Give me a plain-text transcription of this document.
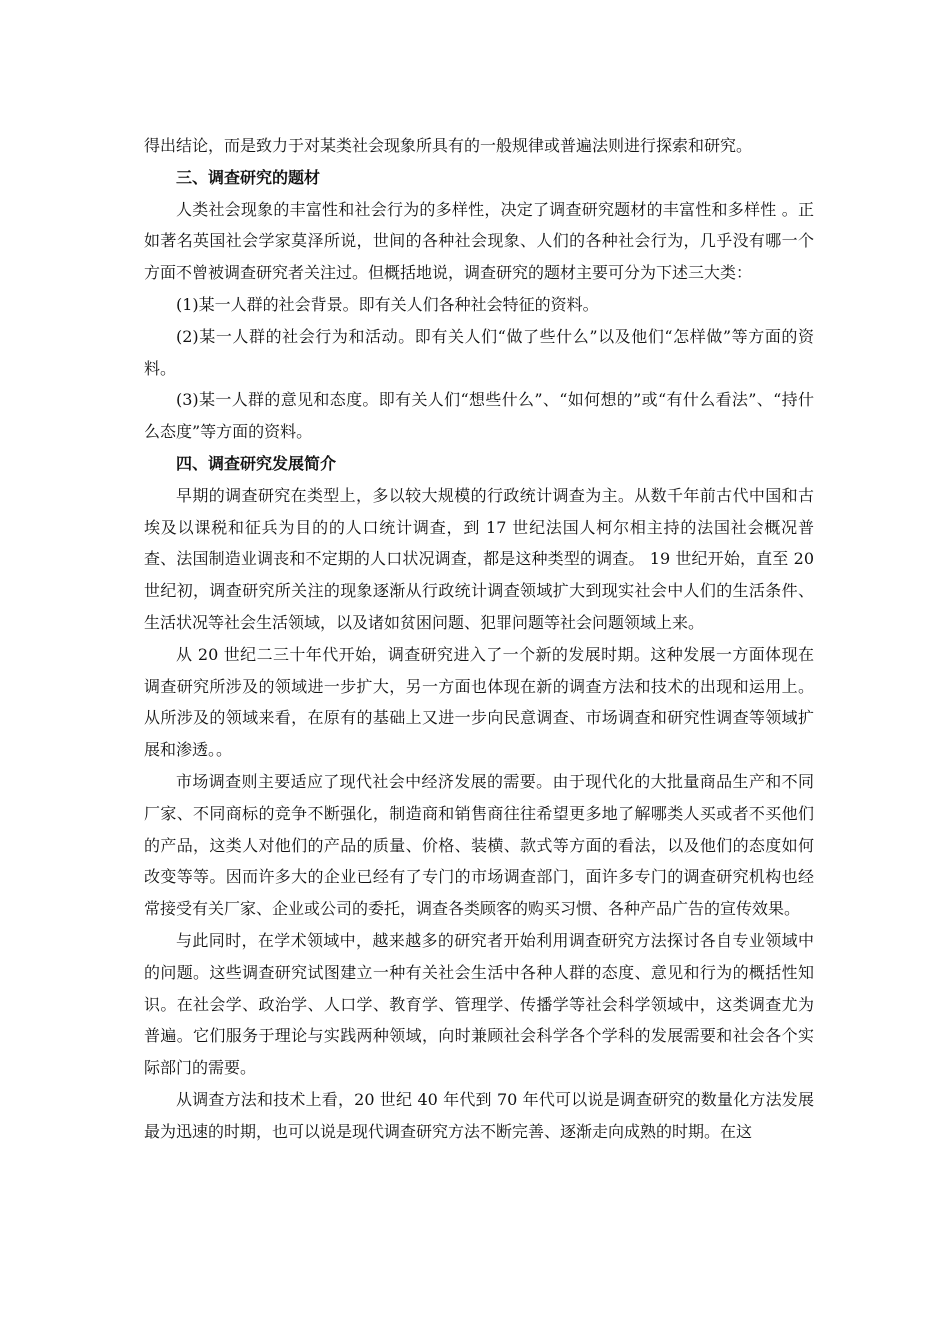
得出结论，而是致力于对某类社会现象所具有的一般规律或普遍法则进行探索和研究。

三、调查研究的题材

人类社会现象的丰富性和社会行为的多样性，决定了调查研究题材的丰富性和多样性 。正如著名英国社会学家莫泽所说，世间的各种社会现象、人们的各种社会行为，几乎没有哪一个方面不曾被调查研究者关注过。但概括地说，调查研究的题材主要可分为下述三大类：

(1)某一人群的社会背景。即有关人们各种社会特征的资料。

(2)某一人群的社会行为和活动。即有关人们“做了些什么”以及他们“怎样做”等方面的资料。

(3)某一人群的意见和态度。即有关人们“想些什么”、“如何想的”或“有什么看法”、“持什么态度”等方面的资料。

四、调查研究发展简介

早期的调查研究在类型上，多以较大规模的行政统计调查为主。从数千年前古代中国和古埃及以课税和征兵为目的的人口统计调查，到 17 世纪法国人柯尔相主持的法国社会概况普查、法国制造业调丧和不定期的人口状况调查，都是这种类型的调查。 19 世纪开始，直至 20 世纪初，调查研究所关注的现象逐渐从行政统计调查领域扩大到现实社会中人们的生活条件、生活状况等社会生活领域，以及诸如贫困问题、犯罪问题等社会问题领域上来。

从 20 世纪二三十年代开始，调查研究进入了一个新的发展时期。这种发展一方面体现在调查研究所涉及的领域进一步扩大，另一方面也体现在新的调查方法和技术的出现和运用上。从所涉及的领域来看，在原有的基础上又进一步向民意调查、市场调查和研究性调查等领域扩展和渗透。。

市场调查则主要适应了现代社会中经济发展的需要。由于现代化的大批量商品生产和不同厂家、不同商标的竞争不断强化，制造商和销售商往往希望更多地了解哪类人买或者不买他们的产品，这类人对他们的产品的质量、价格、装横、款式等方面的看法，以及他们的态度如何改变等等。因而许多大的企业已经有了专门的市场调查部门，面许多专门的调查研究机构也经常接受有关厂家、企业或公司的委托，调查各类顾客的购买习惯、各种产品广告的宣传效果。

与此同时，在学术领域中，越来越多的研究者开始利用调查研究方法探讨各自专业领域中的问题。这些调查研究试图建立一种有关社会生活中各种人群的态度、意见和行为的概括性知识。在社会学、政治学、人口学、教育学、管理学、传播学等社会科学领域中，这类调查尤为普遍。它们服务于理论与实践两种领域，向时兼顾社会科学各个学科的发展需要和社会各个实际部门的需要。

从调查方法和技术上看，20 世纪 40 年代到 70 年代可以说是调查研究的数量化方法发展最为迅速的时期，也可以说是现代调查研究方法不断完善、逐渐走向成熟的时期。在这
